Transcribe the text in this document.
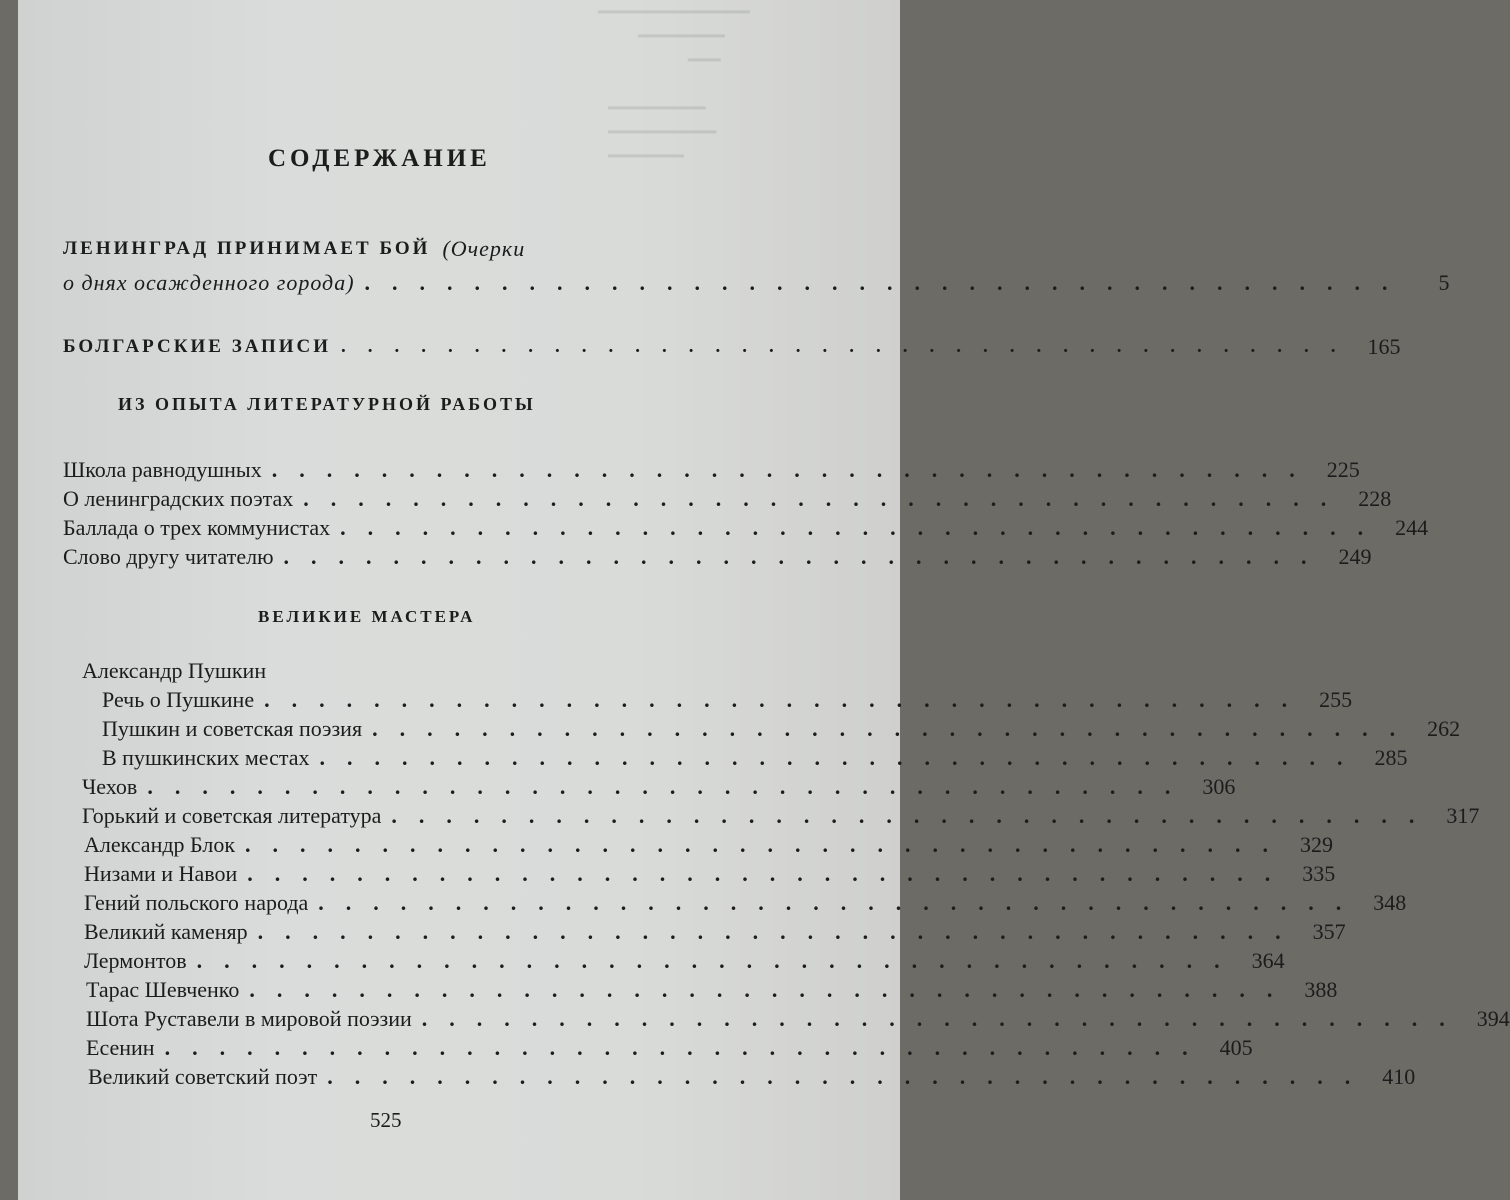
━━━━━━━━━━━━━━
━━━━━━━━
━━━

━━━━━━━━━
━━━━━━━━━━
━━━━━━━
СОДЕРЖАНИЕ
ЛЕНИНГРАД ПРИНИМАЕТ БОЙ (Очерки
о днях осажденного города) ......................................	5
БОЛГАРСКИЕ ЗАПИСИ ...................................... 165
ИЗ ОПЫТА ЛИТЕРАТУРНОЙ РАБОТЫ
Школа равнодушных ...................................... 225
О ленинградских поэтах ...................................... 228
Баллада о трех коммунистах ...................................... 244
Слово другу читателю ...................................... 249
ВЕЛИКИЕ МАСТЕРА
Александр Пушкин
Речь о Пушкине ...................................... 255
Пушкин и советская поэзия ...................................... 262
В пушкинских местах ...................................... 285
Чехов ...................................... 306
Горький и советская литература ...................................... 317
Александр Блок ...................................... 329
Низами и Навои ...................................... 335
Гений польского народа ...................................... 348
Великий каменяр ...................................... 357
Лермонтов ...................................... 364
Тарас Шевченко ...................................... 388
Шота Руставели в мировой поэзии ...................................... 394
Есенин ...................................... 405
Великий советский поэт ...................................... 410
525
